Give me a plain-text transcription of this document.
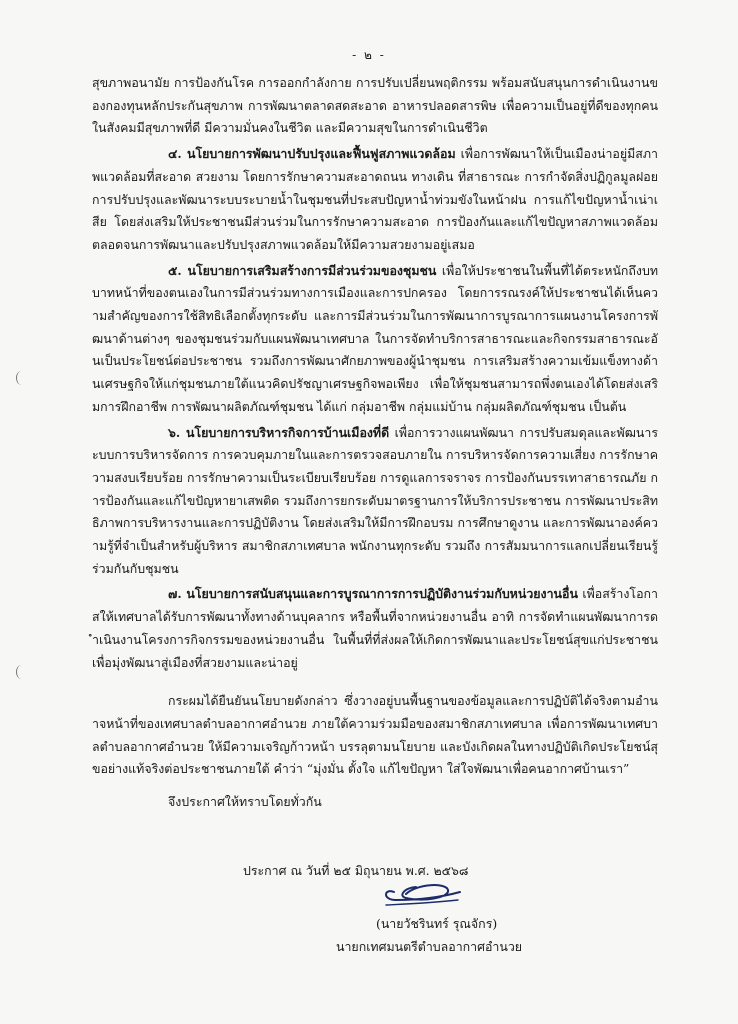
- ๒ -

สุขภาพอนามัย การป้องกันโรค การออกกำลังกาย การปรับเปลี่ยนพฤติกรรม พร้อมสนับสนุนการดำเนินงานของกองทุนหลักประกันสุขภาพ การพัฒนาตลาดสดสะอาด อาหารปลอดสารพิษ เพื่อความเป็นอยู่ที่ดีของทุกคนในสังคมมีสุขภาพที่ดี มีความมั่นคงในชีวิต และมีความสุขในการดำเนินชีวิต

๔. นโยบายการพัฒนาปรับปรุงและฟื้นฟูสภาพแวดล้อม เพื่อการพัฒนาให้เป็นเมืองน่าอยู่มีสภาพแวดล้อมที่สะอาด สวยงาม โดยการรักษาความสะอาดถนน ทางเดิน ที่สาธารณะ การกำจัดสิ่งปฏิกูลมูลฝอย การปรับปรุงและพัฒนาระบบระบายน้ำในชุมชนที่ประสบปัญหาน้ำท่วมขังในหน้าฝน การแก้ไขปัญหาน้ำเน่าเสีย โดยส่งเสริมให้ประชาชนมีส่วนร่วมในการรักษาความสะอาด การป้องกันและแก้ไขปัญหาสภาพแวดล้อม ตลอดจนการพัฒนาและปรับปรุงสภาพแวดล้อมให้มีความสวยงามอยู่เสมอ

๕. นโยบายการเสริมสร้างการมีส่วนร่วมของชุมชน เพื่อให้ประชาชนในพื้นที่ได้ตระหนักถึงบทบาทหน้าที่ของตนเองในการมีส่วนร่วมทางการเมืองและการปกครอง โดยการรณรงค์ให้ประชาชนได้เห็นความสำคัญของการใช้สิทธิเลือกตั้งทุกระดับ และการมีส่วนร่วมในการพัฒนาการบูรณาการแผนงานโครงการพัฒนาด้านต่างๆ ของชุมชนร่วมกับแผนพัฒนาเทศบาล ในการจัดทำบริการสาธารณะและกิจกรรมสาธารณะอันเป็นประโยชน์ต่อประชาชน รวมถึงการพัฒนาศักยภาพของผู้นำชุมชน การเสริมสร้างความเข้มแข็งทางด้านเศรษฐกิจให้แก่ชุมชนภายใต้แนวคิดปรัชญาเศรษฐกิจพอเพียง เพื่อให้ชุมชนสามารถพึ่งตนเองได้โดยส่งเสริมการฝึกอาชีพ การพัฒนาผลิตภัณฑ์ชุมชน ได้แก่ กลุ่มอาชีพ กลุ่มแม่บ้าน กลุ่มผลิตภัณฑ์ชุมชน เป็นต้น

๖. นโยบายการบริหารกิจการบ้านเมืองที่ดี เพื่อการวางแผนพัฒนา การปรับสมดุลและพัฒนาระบบการบริหารจัดการ การควบคุมภายในและการตรวจสอบภายใน การบริหารจัดการความเสี่ยง การรักษาความสงบเรียบร้อย การรักษาความเป็นระเบียบเรียบร้อย การดูแลการจราจร การป้องกันบรรเทาสาธารณภัย การป้องกันและแก้ไขปัญหายาเสพติด รวมถึงการยกระดับมาตรฐานการให้บริการประชาชน การพัฒนาประสิทธิภาพการบริหารงานและการปฏิบัติงาน โดยส่งเสริมให้มีการฝึกอบรม การศึกษาดูงาน และการพัฒนาองค์ความรู้ที่จำเป็นสำหรับผู้บริหาร สมาชิกสภาเทศบาล พนักงานทุกระดับ รวมถึง การสัมมนาการแลกเปลี่ยนเรียนรู้ร่วมกันกับชุมชน

๗. นโยบายการสนับสนุนและการบูรณาการการปฏิบัติงานร่วมกับหน่วยงานอื่น เพื่อสร้างโอกาสให้เทศบาลได้รับการพัฒนาทั้งทางด้านบุคลากร หรือพื้นที่จากหน่วยงานอื่น อาทิ การจัดทำแผนพัฒนาการดำเนินงานโครงการกิจกรรมของหน่วยงานอื่น ในพื้นที่ที่ส่งผลให้เกิดการพัฒนาและประโยชน์สุขแก่ประชาชน เพื่อมุ่งพัฒนาสู่เมืองที่สวยงามและน่าอยู่

กระผมได้ยืนยันนโยบายดังกล่าว ซึ่งวางอยู่บนพื้นฐานของข้อมูลและการปฏิบัติได้จริงตามอำนาจหน้าที่ของเทศบาลตำบลอากาศอำนวย ภายใต้ความร่วมมือของสมาชิกสภาเทศบาล เพื่อการพัฒนาเทศบาลตำบลอากาศอำนวย ให้มีความเจริญก้าวหน้า บรรลุตามนโยบาย และบังเกิดผลในทางปฏิบัติเกิดประโยชน์สุขอย่างแท้จริงต่อประชาชนภายใต้ คำว่า “มุ่งมั่น ตั้งใจ แก้ไขปัญหา ใส่ใจพัฒนาเพื่อคนอากาศบ้านเรา”

จึงประกาศให้ทราบโดยทั่วกัน

ประกาศ ณ วันที่ ๒๕ มิถุนายน พ.ศ. ๒๕๖๘
(นายวัชรินทร์ รุณจักร)
นายกเทศมนตรีตำบลอากาศอำนวย
